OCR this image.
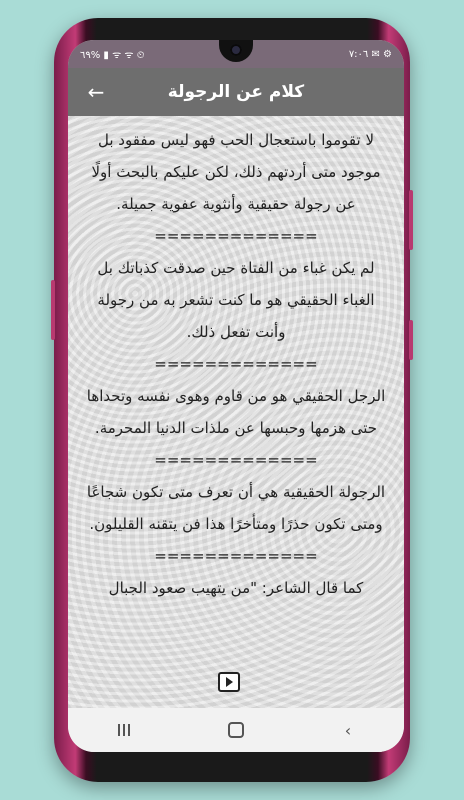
٦٩% ▮ ᯤ ᯤ ⏲	٧:٠٦ ✉ ⚙
←	كلام عن الرجولة

لا تقوموا باستعجال الحب فهو ليس مفقود بل موجود متى أردتهم ذلك، لكن عليكم بالبحث أولًا عن رجولة حقيقية وأنثوية عفوية جميلة.

=============

لم يكن غباء من الفتاة حين صدقت كذباتك بل الغباء الحقيقي هو ما كنت تشعر به من رجولة وأنت تفعل ذلك.

=============

الرجل الحقيقي هو من قاوم وهوى نفسه وتحداها حتى هزمها وحبسها عن ملذات الدنيا المحرمة.

=============

الرجولة الحقيقية هي أن تعرف متى تكون شجاعًا ومتى تكون حذرًا ومتأخرًا هذا فن يتقنه القليلون.

=============

كما قال الشاعر: "من يتهيب صعود الجبال

‹
